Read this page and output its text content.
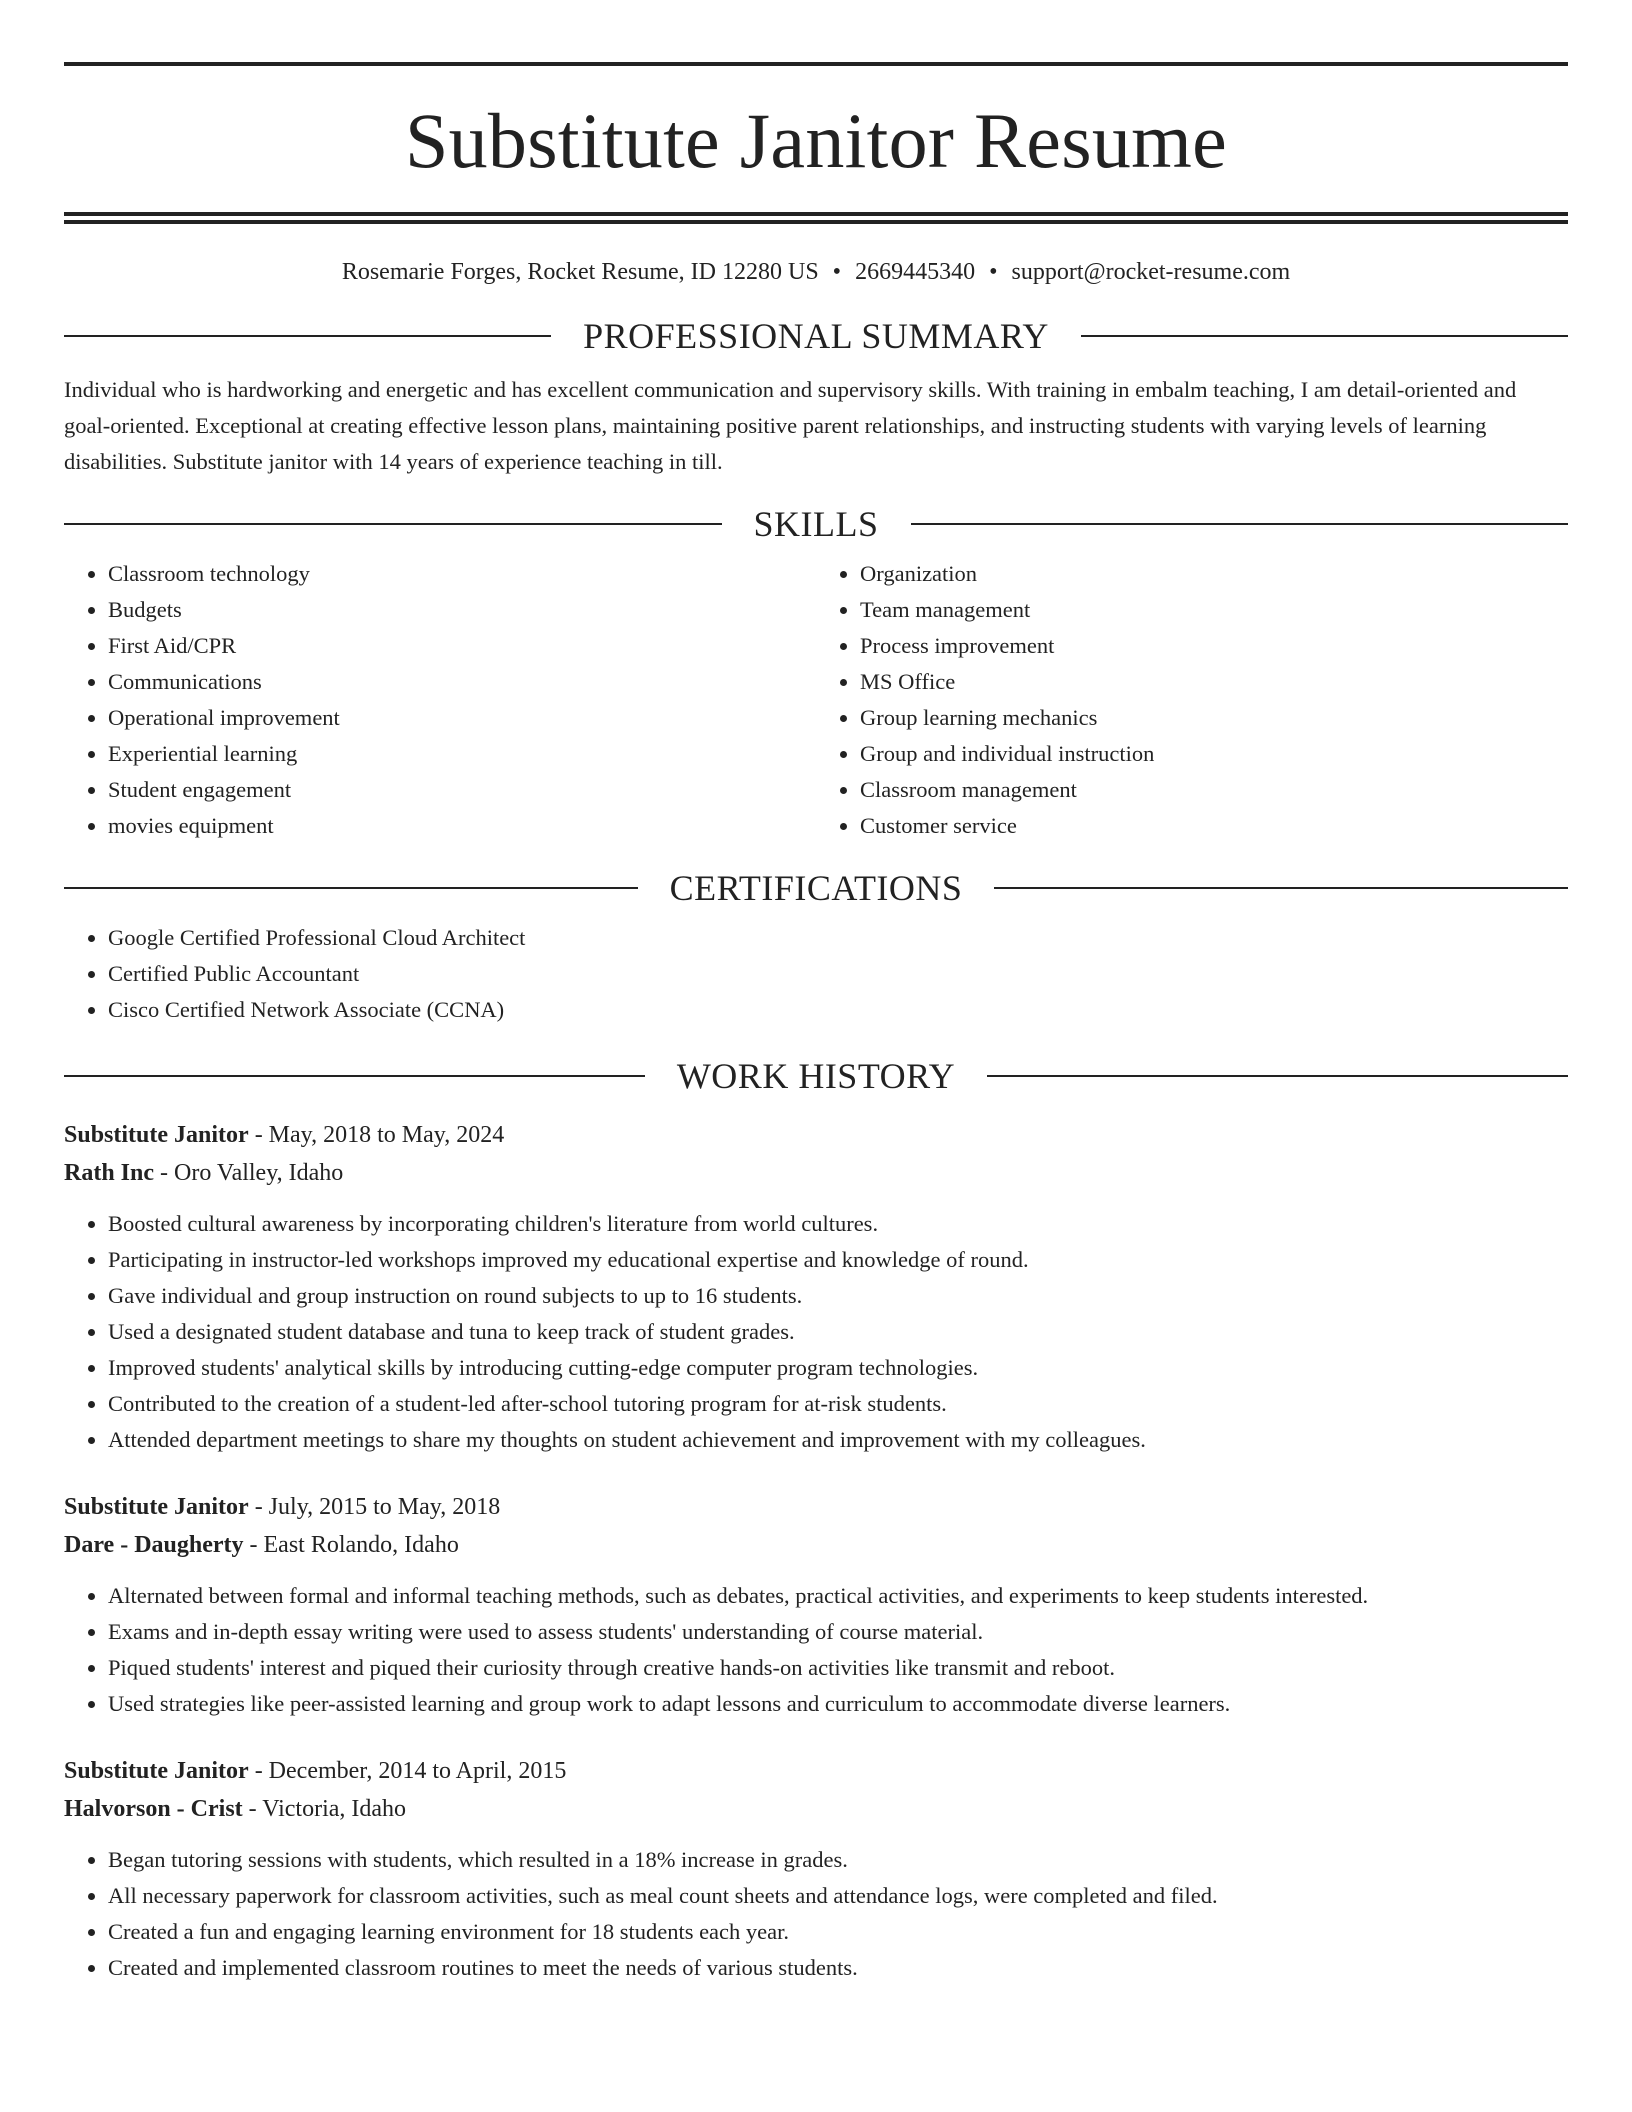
Substitute Janitor Resume
Rosemarie Forges, Rocket Resume, ID 12280 US • 2669445340 • support@rocket-resume.com
PROFESSIONAL SUMMARY

Individual who is hardworking and energetic and has excellent communication and supervisory skills. With training in embalm teaching, I am detail-oriented and goal-oriented. Exceptional at creating effective lesson plans, maintaining positive parent relationships, and instructing students with varying levels of learning disabilities. Substitute janitor with 14 years of experience teaching in till.

SKILLS
• Classroom technology
• Budgets
• First Aid/CPR
• Communications
• Operational improvement
• Experiential learning
• Student engagement
• movies equipment
• Organization
• Team management
• Process improvement
• MS Office
• Group learning mechanics
• Group and individual instruction
• Classroom management
• Customer service
CERTIFICATIONS
• Google Certified Professional Cloud Architect
• Certified Public Accountant
• Cisco Certified Network Associate (CCNA)
WORK HISTORY
Substitute Janitor - May, 2018 to May, 2024
Rath Inc - Oro Valley, Idaho
• Boosted cultural awareness by incorporating children's literature from world cultures.
• Participating in instructor-led workshops improved my educational expertise and knowledge of round.
• Gave individual and group instruction on round subjects to up to 16 students.
• Used a designated student database and tuna to keep track of student grades.
• Improved students' analytical skills by introducing cutting-edge computer program technologies.
• Contributed to the creation of a student-led after-school tutoring program for at-risk students.
• Attended department meetings to share my thoughts on student achievement and improvement with my colleagues.
Substitute Janitor - July, 2015 to May, 2018
Dare - Daugherty - East Rolando, Idaho
• Alternated between formal and informal teaching methods, such as debates, practical activities, and experiments to keep students interested.
• Exams and in-depth essay writing were used to assess students' understanding of course material.
• Piqued students' interest and piqued their curiosity through creative hands-on activities like transmit and reboot.
• Used strategies like peer-assisted learning and group work to adapt lessons and curriculum to accommodate diverse learners.
Substitute Janitor - December, 2014 to April, 2015
Halvorson - Crist - Victoria, Idaho
• Began tutoring sessions with students, which resulted in a 18% increase in grades.
• All necessary paperwork for classroom activities, such as meal count sheets and attendance logs, were completed and filed.
• Created a fun and engaging learning environment for 18 students each year.
• Created and implemented classroom routines to meet the needs of various students.
